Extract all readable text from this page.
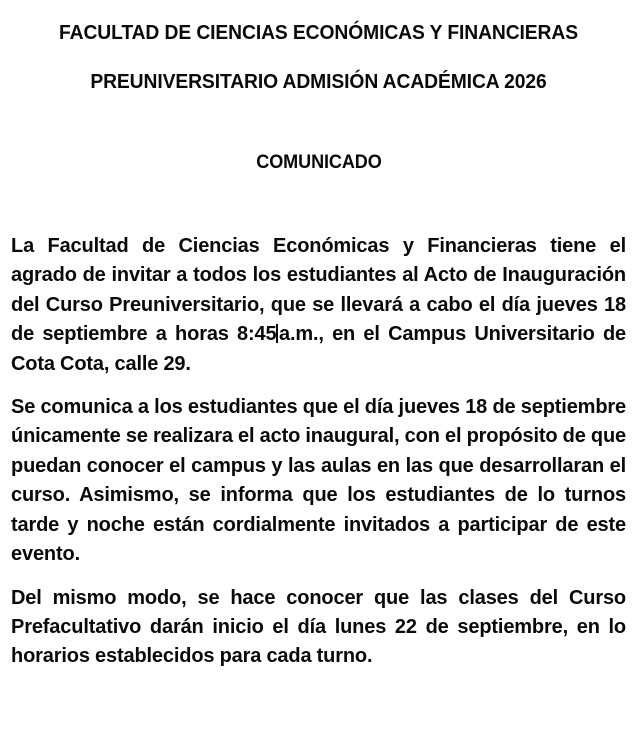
FACULTAD DE CIENCIAS ECONÓMICAS Y FINANCIERAS
PREUNIVERSITARIO ADMISIÓN ACADÉMICA 2026
COMUNICADO

La Facultad de Ciencias Económicas y Financieras tiene el agrado de invitar a todos los estudiantes al Acto de Inauguración del Curso Preuniversitario, que se llevará a cabo el día jueves 18 de septiembre a horas 8:45 a.m., en el Campus Universitario de Cota Cota, calle 29.

Se comunica a los estudiantes que el día jueves 18 de septiembre únicamente se realizara el acto inaugural, con el propósito de que puedan conocer el campus y las aulas en las que desarrollaran el curso. Asimismo, se informa que los estudiantes de lo turnos tarde y noche están cordialmente invitados a participar de este evento.

Del mismo modo, se hace conocer que las clases del Curso Prefacultativo darán inicio el día lunes 22 de septiembre, en lo horarios establecidos para cada turno.
